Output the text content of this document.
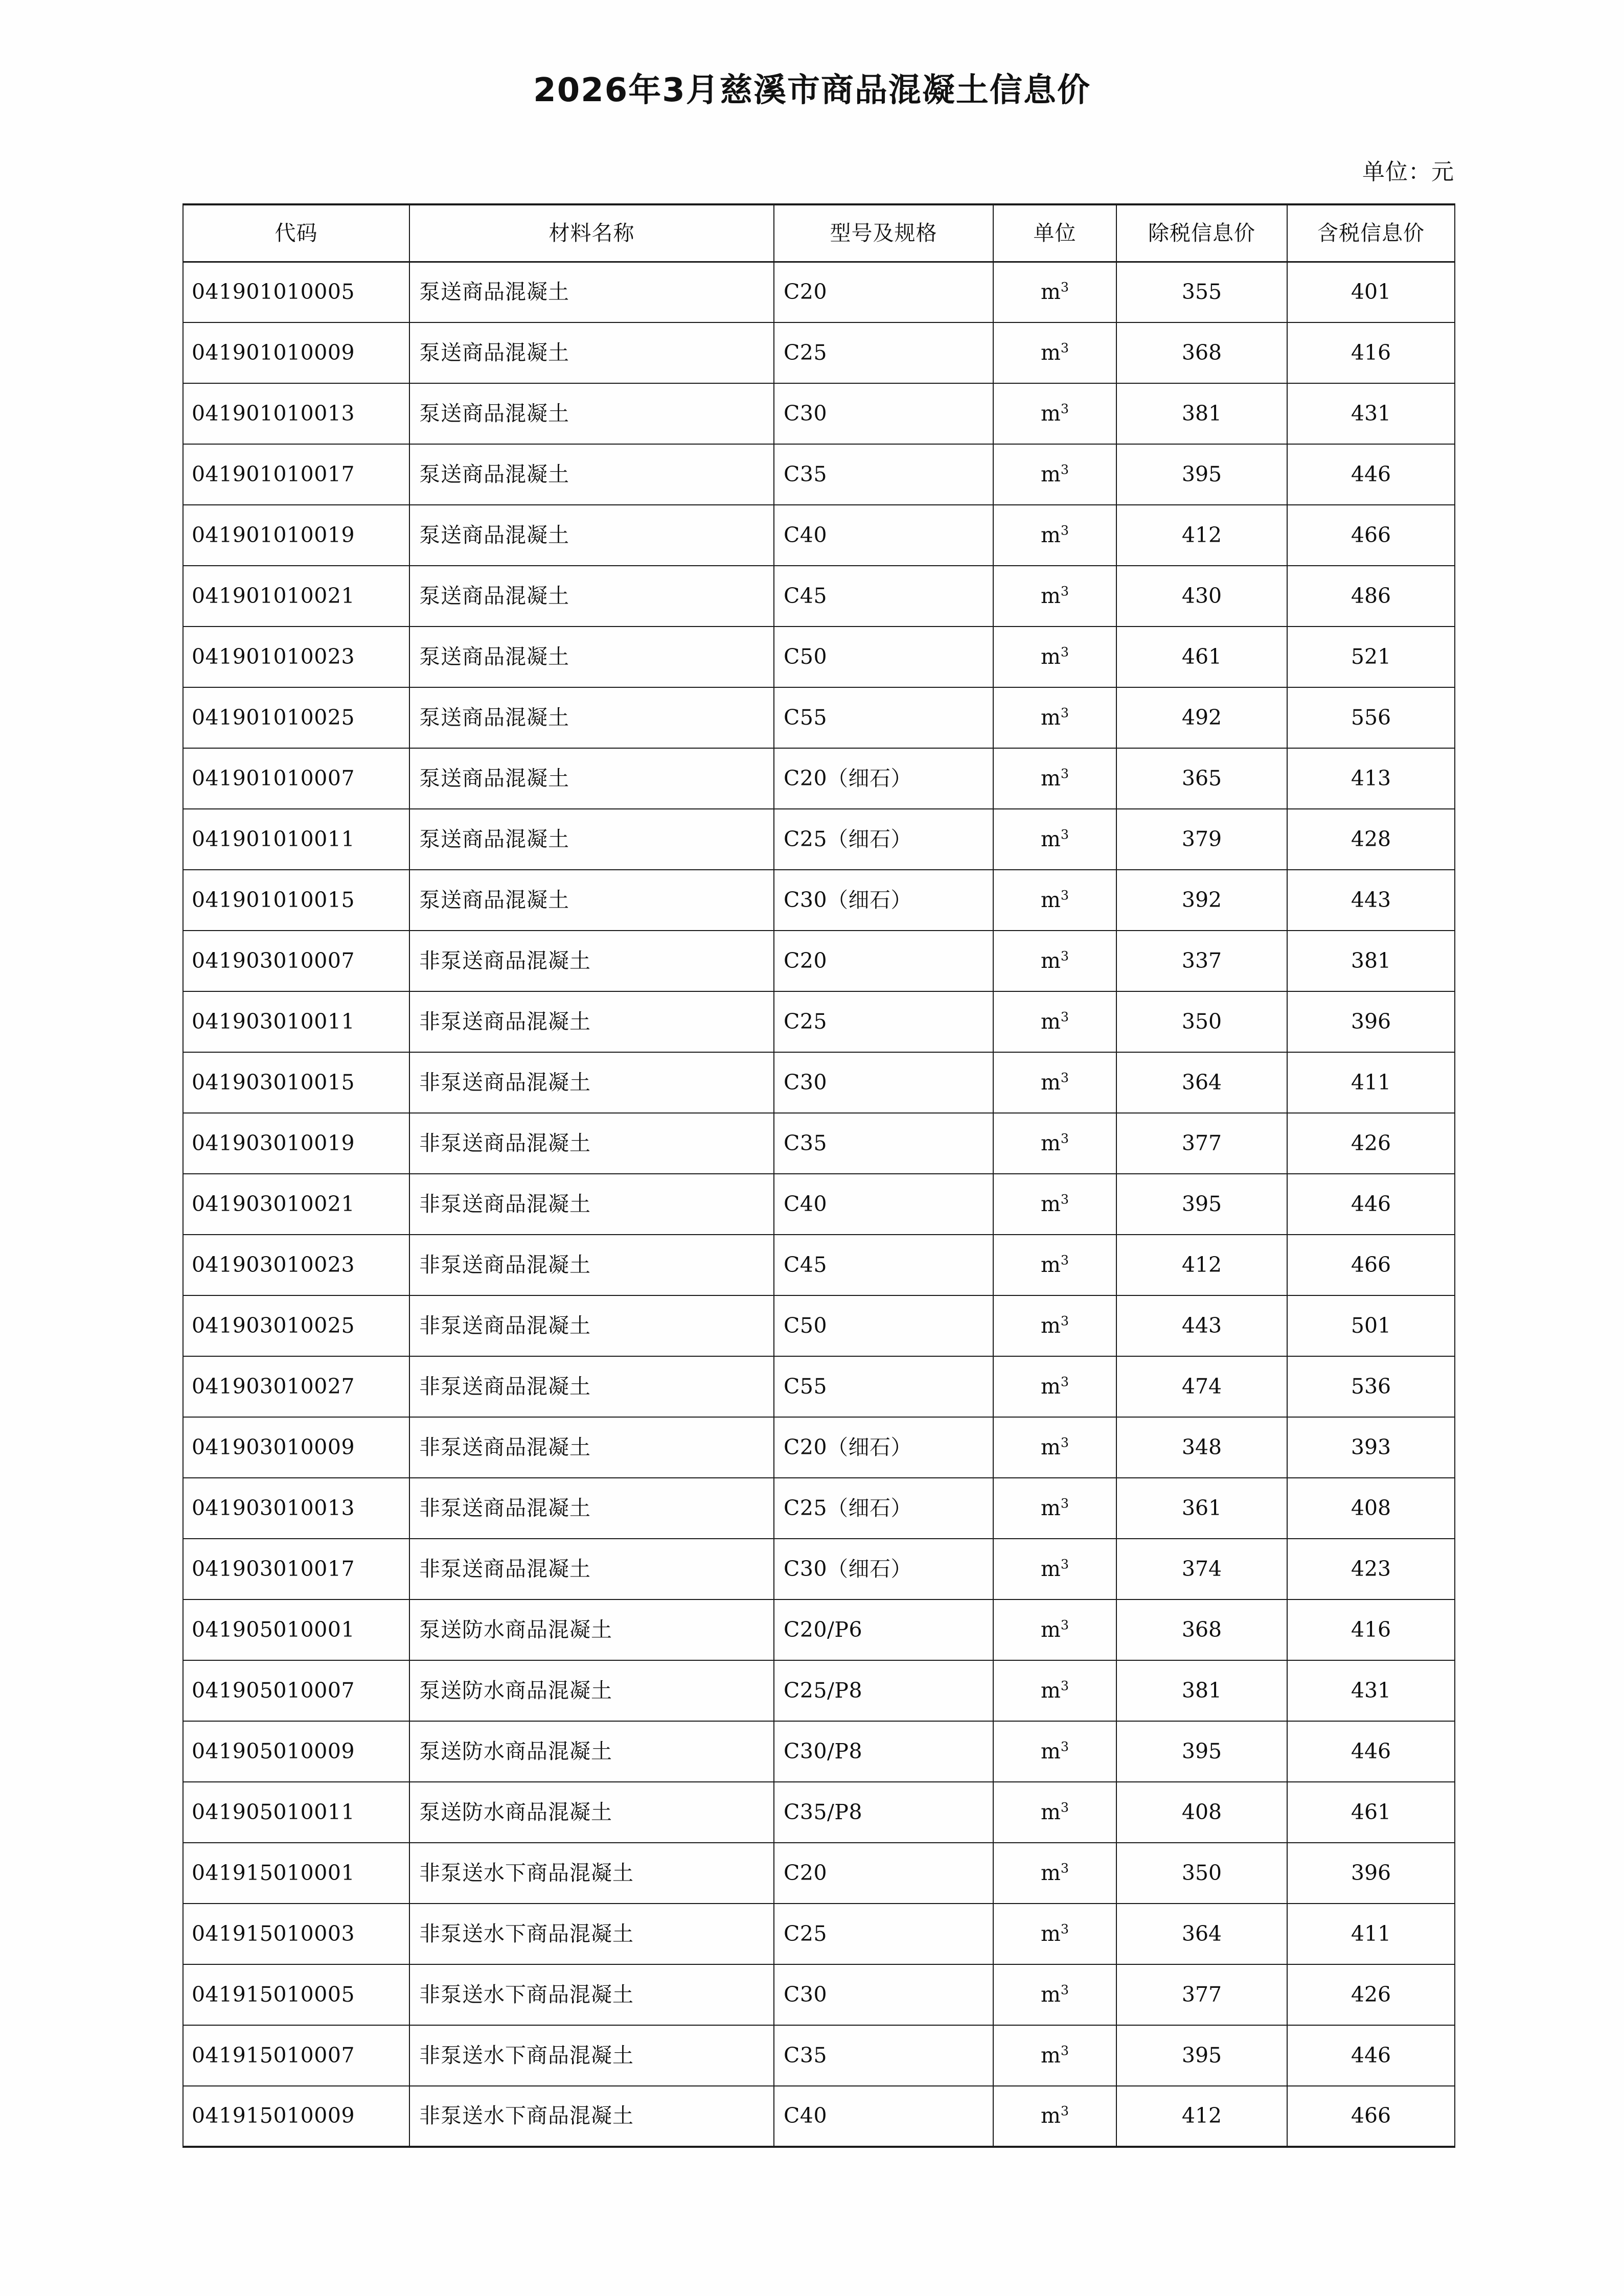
2026年3月慈溪市商品混凝土信息价
单位：元
代码	材料名称	型号及规格	单位	除税信息价	含税信息价
041901010005	泵送商品混凝土	C20	$m^3$	355	401
041901010009	泵送商品混凝土	C25	$m^3$	368	416
041901010013	泵送商品混凝土	C30	$m^3$	381	431
041901010017	泵送商品混凝土	C35	$m^3$	395	446
041901010019	泵送商品混凝土	C40	$m^3$	412	466
041901010021	泵送商品混凝土	C45	$m^3$	430	486
041901010023	泵送商品混凝土	C50	$m^3$	461	521
041901010025	泵送商品混凝土	C55	$m^3$	492	556
041901010007	泵送商品混凝土	C20（细石）	$m^3$	365	413
041901010011	泵送商品混凝土	C25（细石）	$m^3$	379	428
041901010015	泵送商品混凝土	C30（细石）	$m^3$	392	443
041903010007	非泵送商品混凝土	C20	$m^3$	337	381
041903010011	非泵送商品混凝土	C25	$m^3$	350	396
041903010015	非泵送商品混凝土	C30	$m^3$	364	411
041903010019	非泵送商品混凝土	C35	$m^3$	377	426
041903010021	非泵送商品混凝土	C40	$m^3$	395	446
041903010023	非泵送商品混凝土	C45	$m^3$	412	466
041903010025	非泵送商品混凝土	C50	$m^3$	443	501
041903010027	非泵送商品混凝土	C55	$m^3$	474	536
041903010009	非泵送商品混凝土	C20（细石）	$m^3$	348	393
041903010013	非泵送商品混凝土	C25（细石）	$m^3$	361	408
041903010017	非泵送商品混凝土	C30（细石）	$m^3$	374	423
041905010001	泵送防水商品混凝土	C20/P6	$m^3$	368	416
041905010007	泵送防水商品混凝土	C25/P8	$m^3$	381	431
041905010009	泵送防水商品混凝土	C30/P8	$m^3$	395	446
041905010011	泵送防水商品混凝土	C35/P8	$m^3$	408	461
041915010001	非泵送水下商品混凝土	C20	$m^3$	350	396
041915010003	非泵送水下商品混凝土	C25	$m^3$	364	411
041915010005	非泵送水下商品混凝土	C30	$m^3$	377	426
041915010007	非泵送水下商品混凝土	C35	$m^3$	395	446
041915010009	非泵送水下商品混凝土	C40	$m^3$	412	466
